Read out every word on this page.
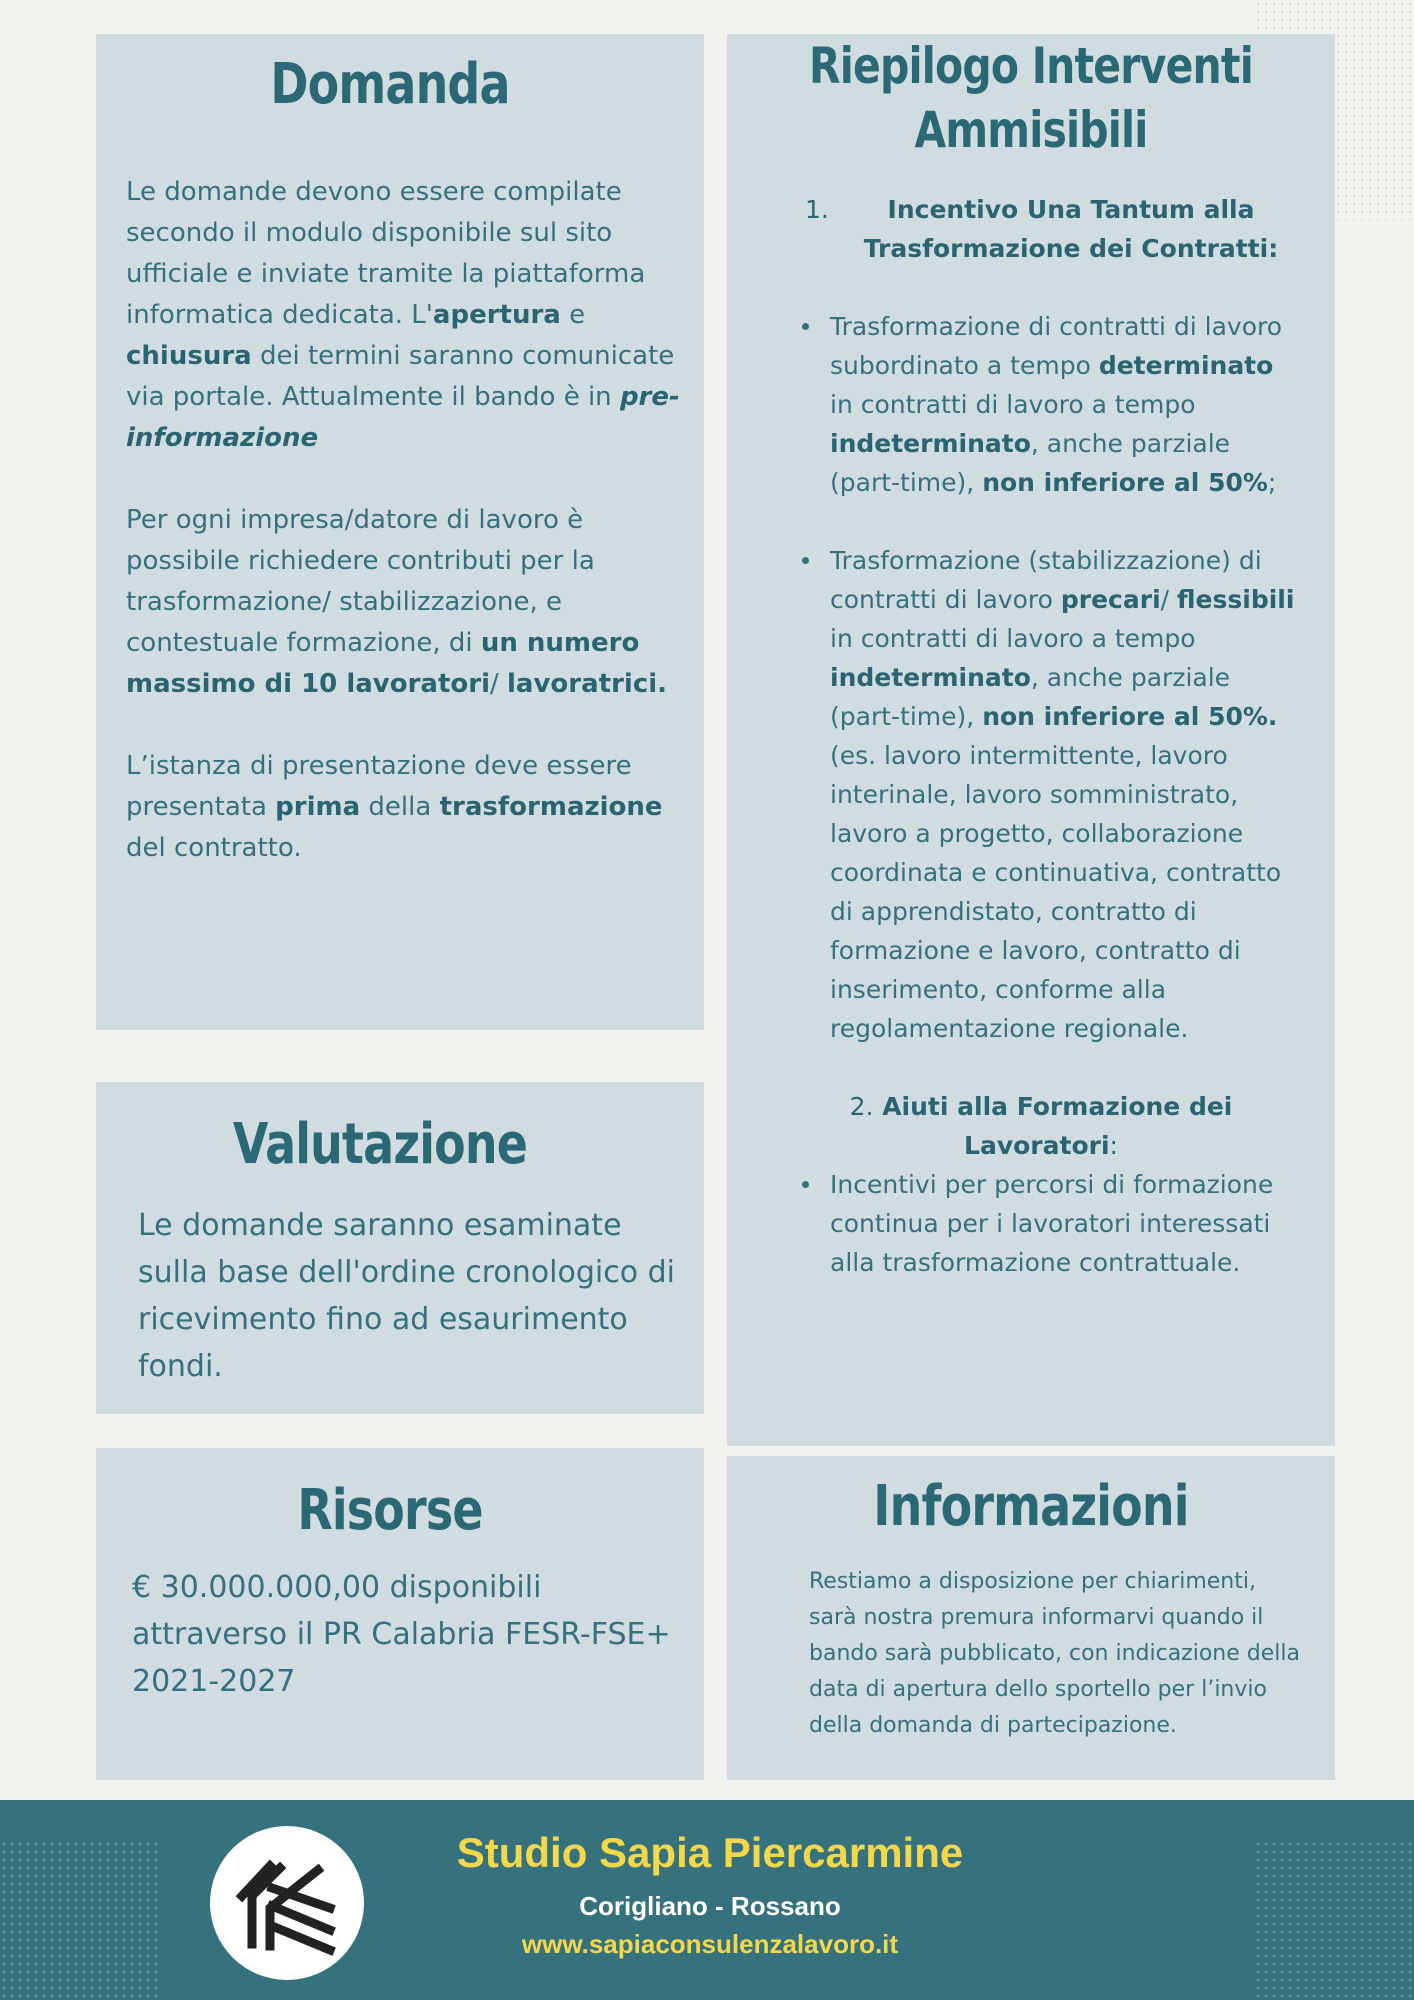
Domanda

Le domande devono essere compilate secondo il modulo disponibile sul sito ufficiale e inviate tramite la piattaforma informatica dedicata. L'apertura e chiusura dei termini saranno comunicate via portale. Attualmente il bando è in pre-informazione

Per ogni impresa/datore di lavoro è possibile richiedere contributi per la trasformazione/ stabilizzazione, e contestuale formazione, di un numero massimo di 10 lavoratori/ lavoratrici.

L’istanza di presentazione deve essere presentata prima della trasformazione del contratto.

Valutazione
Le domande saranno esaminate sulla base dell'ordine cronologico di ricevimento fino ad esaurimento fondi.
Risorse
€ 30.000.000,00 disponibili attraverso il PR Calabria FESR-FSE+ 2021-2027
Riepilogo Interventi
Ammisibili
1. Incentivo Una Tantum alla Trasformazione dei Contratti:
Trasformazione di contratti di lavoro subordinato a tempo determinato in contratti di lavoro a tempo indeterminato, anche parziale (part-time), non inferiore al 50%;
Trasformazione (stabilizzazione) di contratti di lavoro precari/ flessibili in contratti di lavoro a tempo indeterminato, anche parziale (part-time), non inferiore al 50%. (es. lavoro intermittente, lavoro interinale, lavoro somministrato, lavoro a progetto, collaborazione coordinata e continuativa, contratto di apprendistato, contratto di formazione e lavoro, contratto di inserimento, conforme alla regolamentazione regionale.
2. Aiuti alla Formazione dei Lavoratori:
Incentivi per percorsi di formazione continua per i lavoratori interessati alla trasformazione contrattuale.
Informazioni
Restiamo a disposizione per chiarimenti, sarà nostra premura informarvi quando il bando sarà pubblicato, con indicazione della data di apertura dello sportello per l’invio della domanda di partecipazione.
Studio Sapia Piercarmine
Corigliano - Rossano
www.sapiaconsulenzalavoro.it
